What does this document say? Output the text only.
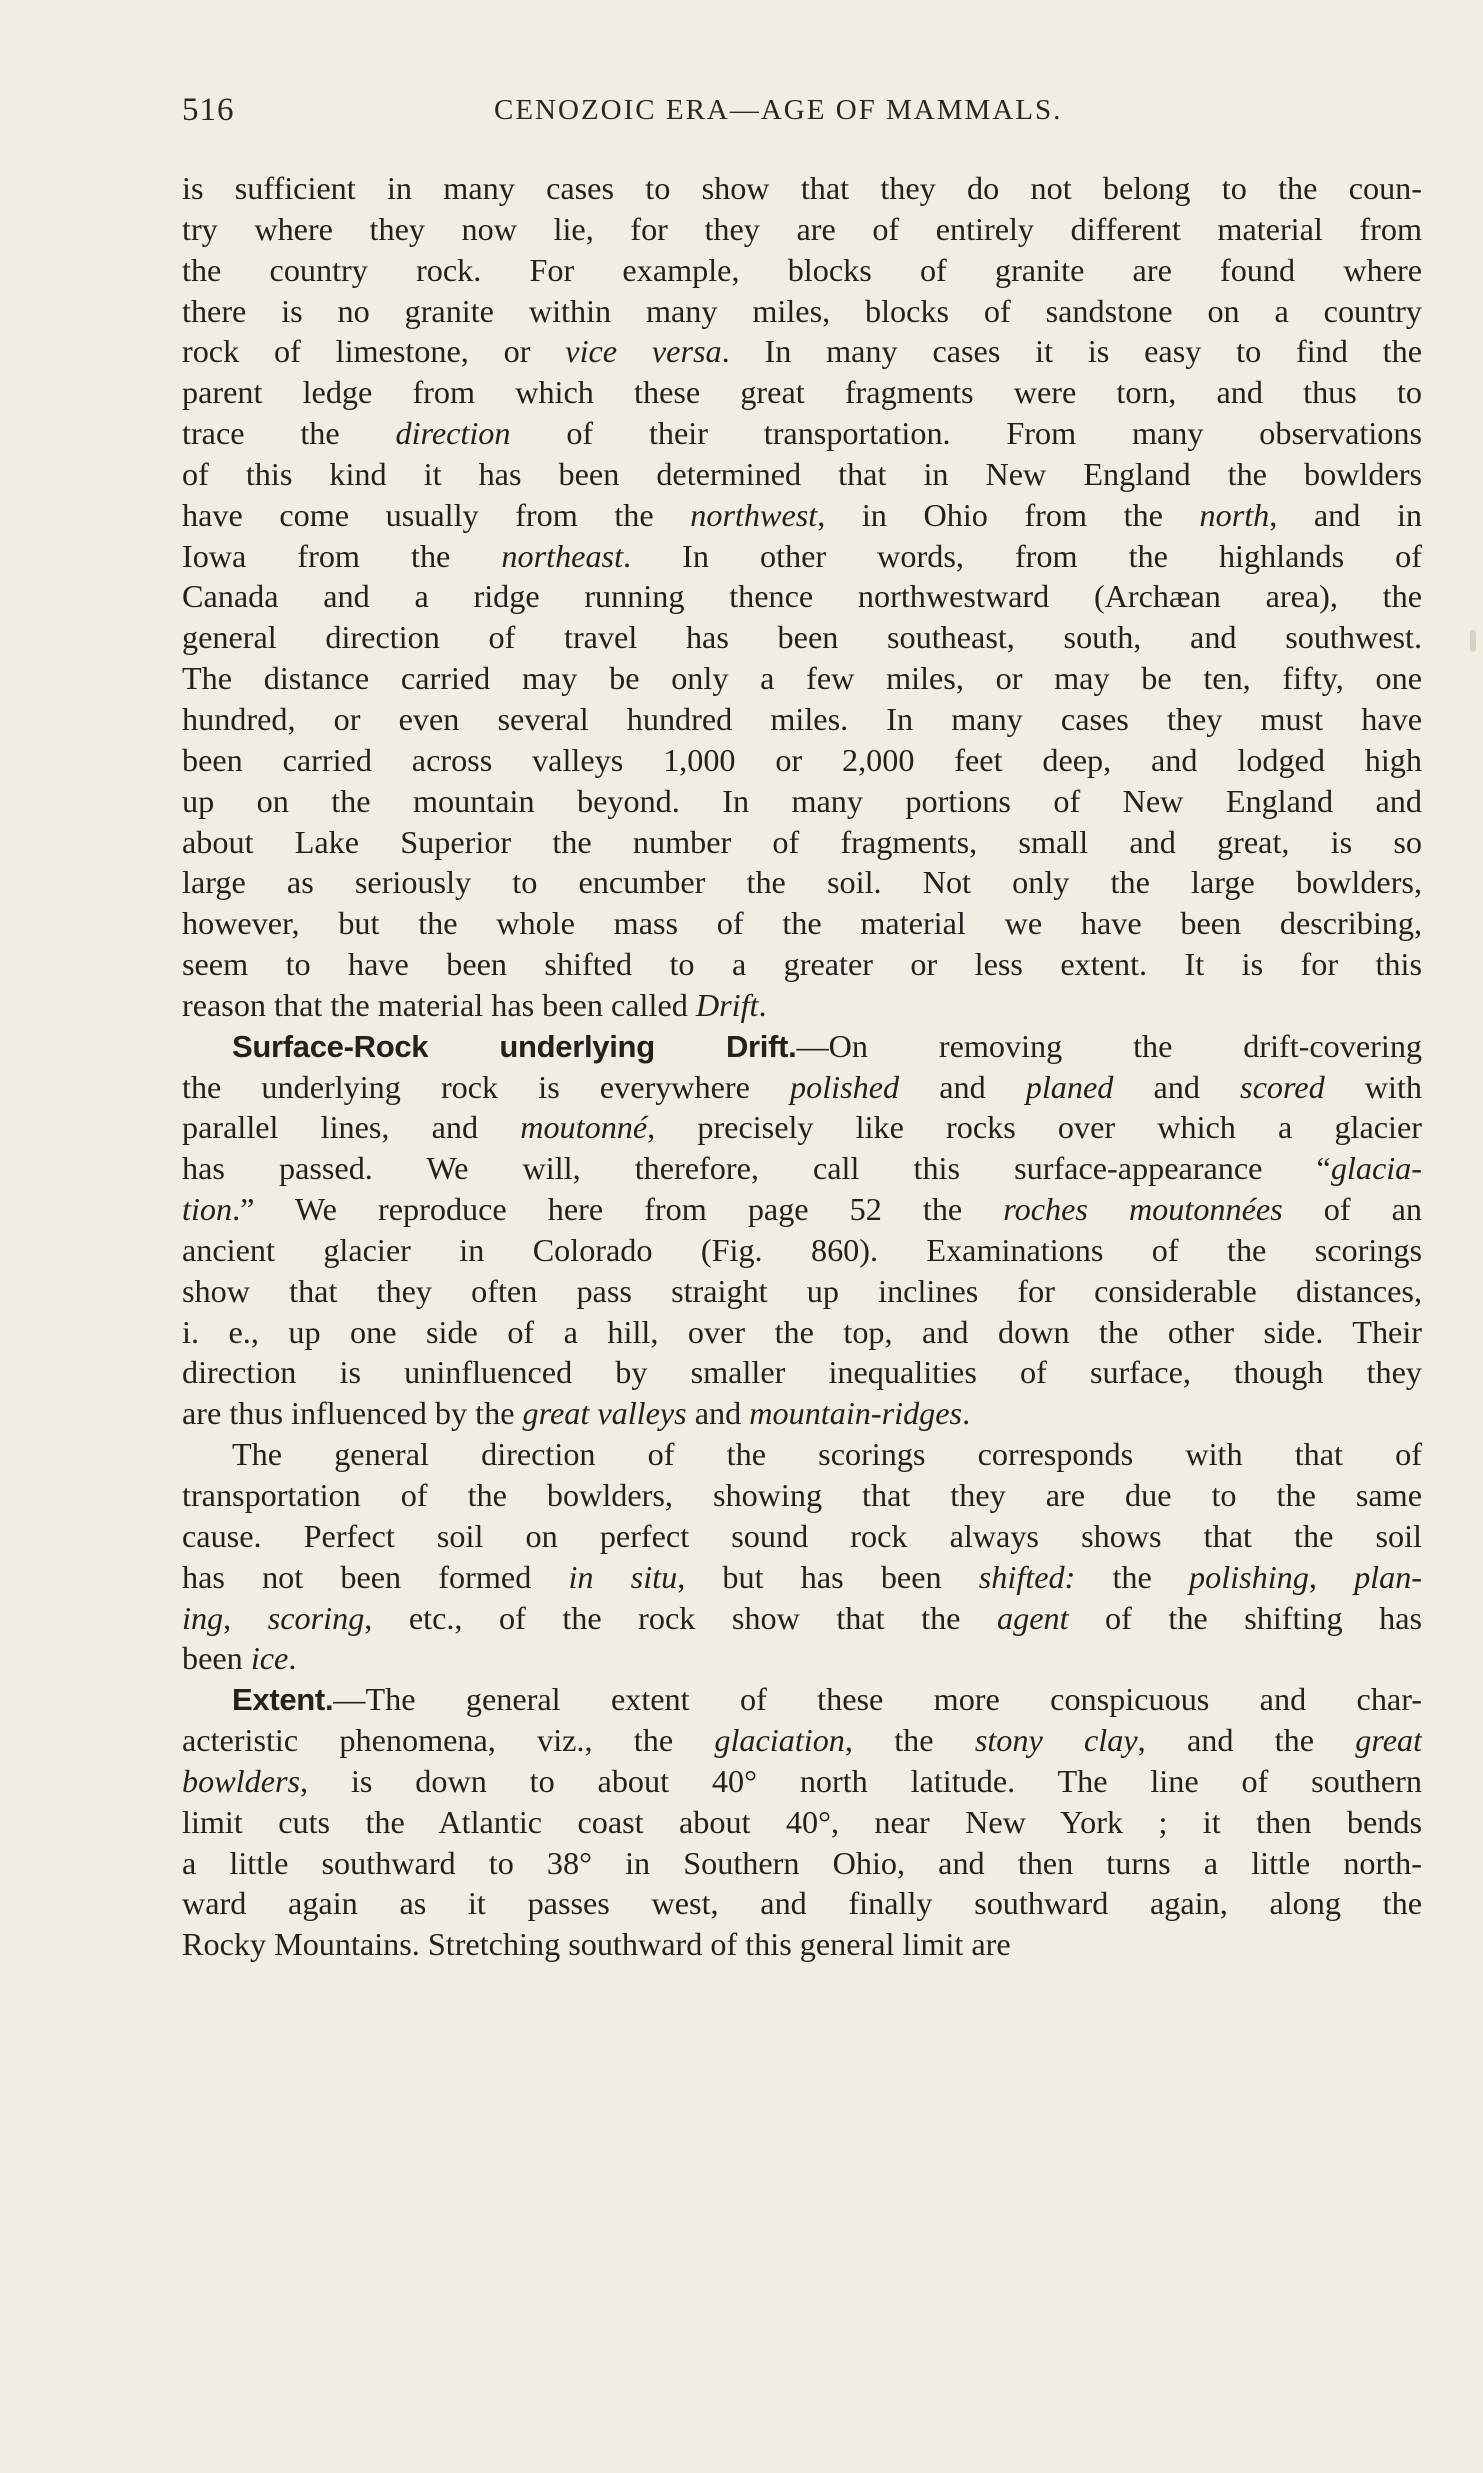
516	CENOZOIC ERA—AGE OF MAMMALS.
is sufficient in many cases to show that they do not belong to the coun-
try where they now lie, for they are of entirely different material from
the country rock. For example, blocks of granite are found where
there is no granite within many miles, blocks of sandstone on a country
rock of limestone, or vice versa. In many cases it is easy to find the
parent ledge from which these great fragments were torn, and thus to
trace the direction of their transportation. From many observations
of this kind it has been determined that in New England the bowlders
have come usually from the northwest, in Ohio from the north, and in
Iowa from the northeast. In other words, from the highlands of
Canada and a ridge running thence northwestward (Archæan area), the
general direction of travel has been southeast, south, and southwest.
The distance carried may be only a few miles, or may be ten, fifty, one
hundred, or even several hundred miles. In many cases they must have
been carried across valleys 1,000 or 2,000 feet deep, and lodged high
up on the mountain beyond. In many portions of New England and
about Lake Superior the number of fragments, small and great, is so
large as seriously to encumber the soil. Not only the large bowlders,
however, but the whole mass of the material we have been describing,
seem to have been shifted to a greater or less extent. It is for this
reason that the material has been called Drift.
Surface-Rock underlying Drift.—On removing the drift-covering
the underlying rock is everywhere polished and planed and scored with
parallel lines, and moutonné, precisely like rocks over which a glacier
has passed. We will, therefore, call this surface-appearance “glacia-
tion.” We reproduce here from page 52 the roches moutonnées of an
ancient glacier in Colorado (Fig. 860). Examinations of the scorings
show that they often pass straight up inclines for considerable distances,
i. e., up one side of a hill, over the top, and down the other side. Their
direction is uninfluenced by smaller inequalities of surface, though they
are thus influenced by the great valleys and mountain-ridges.
The general direction of the scorings corresponds with that of
transportation of the bowlders, showing that they are due to the same
cause. Perfect soil on perfect sound rock always shows that the soil
has not been formed in situ, but has been shifted: the polishing, plan-
ing, scoring, etc., of the rock show that the agent of the shifting has
been ice.
Extent.—The general extent of these more conspicuous and char-
acteristic phenomena, viz., the glaciation, the stony clay, and the great
bowlders, is down to about 40° north latitude. The line of southern
limit cuts the Atlantic coast about 40°, near New York ; it then bends
a little southward to 38° in Southern Ohio, and then turns a little north-
ward again as it passes west, and finally southward again, along the
Rocky Mountains. Stretching southward of this general limit are
